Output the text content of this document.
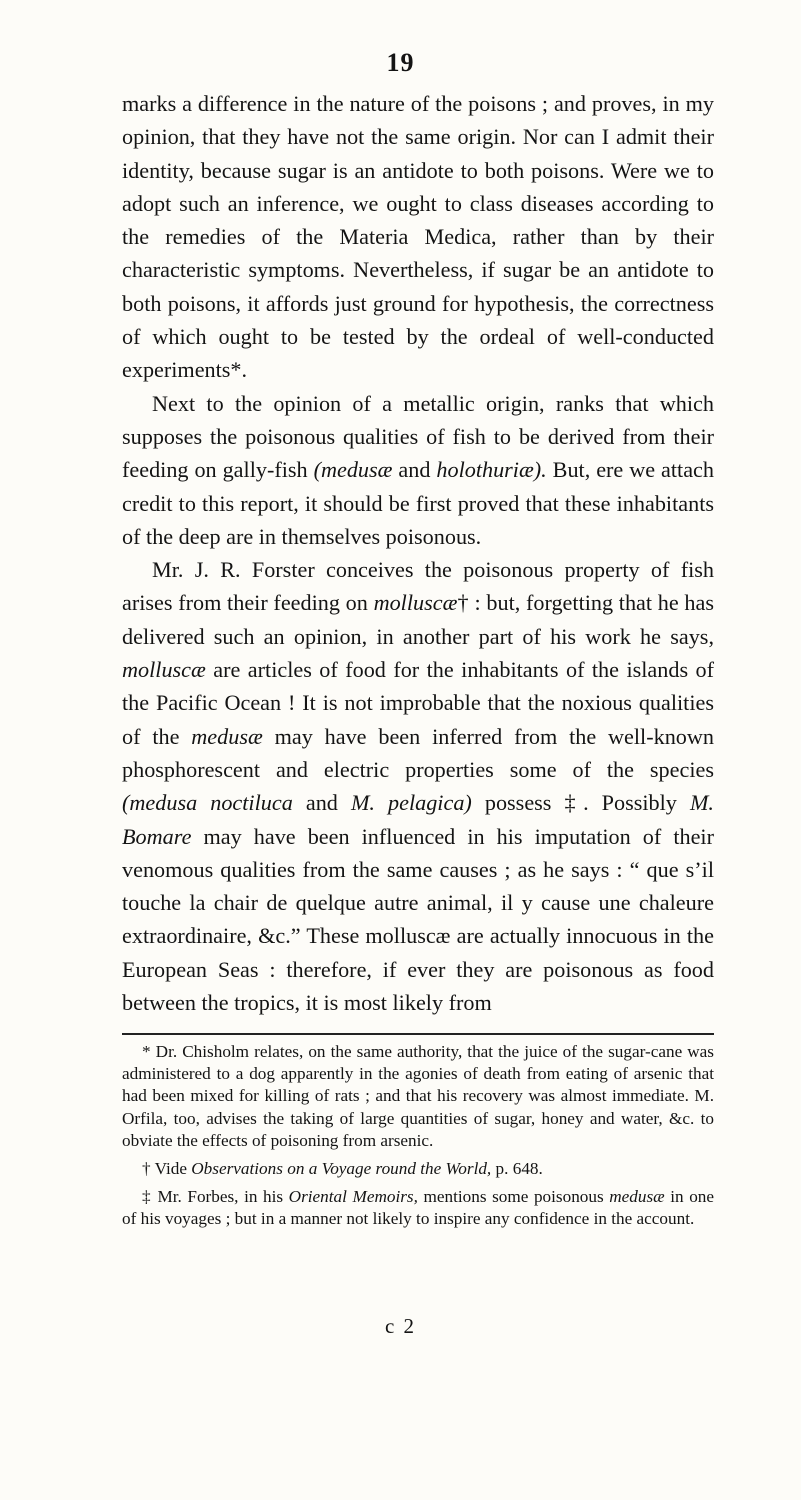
19

marks a difference in the nature of the poisons ; and proves, in my opinion, that they have not the same origin. Nor can I admit their identity, because sugar is an antidote to both poisons. Were we to adopt such an inference, we ought to class diseases according to the remedies of the Materia Medica, rather than by their characteristic symptoms. Nevertheless, if sugar be an antidote to both poisons, it affords just ground for hypothesis, the correctness of which ought to be tested by the ordeal of well-conducted experiments*.

Next to the opinion of a metallic origin, ranks that which supposes the poisonous qualities of fish to be derived from their feeding on gally-fish (medusæ and holothuriæ). But, ere we attach credit to this report, it should be first proved that these inhabitants of the deep are in themselves poisonous.

Mr. J. R. Forster conceives the poisonous property of fish arises from their feeding on molluscæ† : but, forgetting that he has delivered such an opinion, in another part of his work he says, molluscæ are articles of food for the inhabitants of the islands of the Pacific Ocean ! It is not improbable that the noxious qualities of the medusæ may have been inferred from the well-known phosphorescent and electric properties some of the species (medusa noctiluca and M. pelagica) possess ‡. Possibly M. Bomare may have been influenced in his imputation of their venomous qualities from the same causes ; as he says : “ que s’il touche la chair de quelque autre animal, il y cause une chaleure extraordinaire, &c.” These molluscæ are actually innocuous in the European Seas : therefore, if ever they are poisonous as food between the tropics, it is most likely from

* Dr. Chisholm relates, on the same authority, that the juice of the sugar-cane was administered to a dog apparently in the agonies of death from eating of arsenic that had been mixed for killing of rats ; and that his recovery was almost immediate. M. Orfila, too, advises the taking of large quantities of sugar, honey and water, &c. to obviate the effects of poisoning from arsenic.

† Vide Observations on a Voyage round the World, p. 648.

‡ Mr. Forbes, in his Oriental Memoirs, mentions some poisonous medusæ in one of his voyages ; but in a manner not likely to inspire any confidence in the account.

c 2
